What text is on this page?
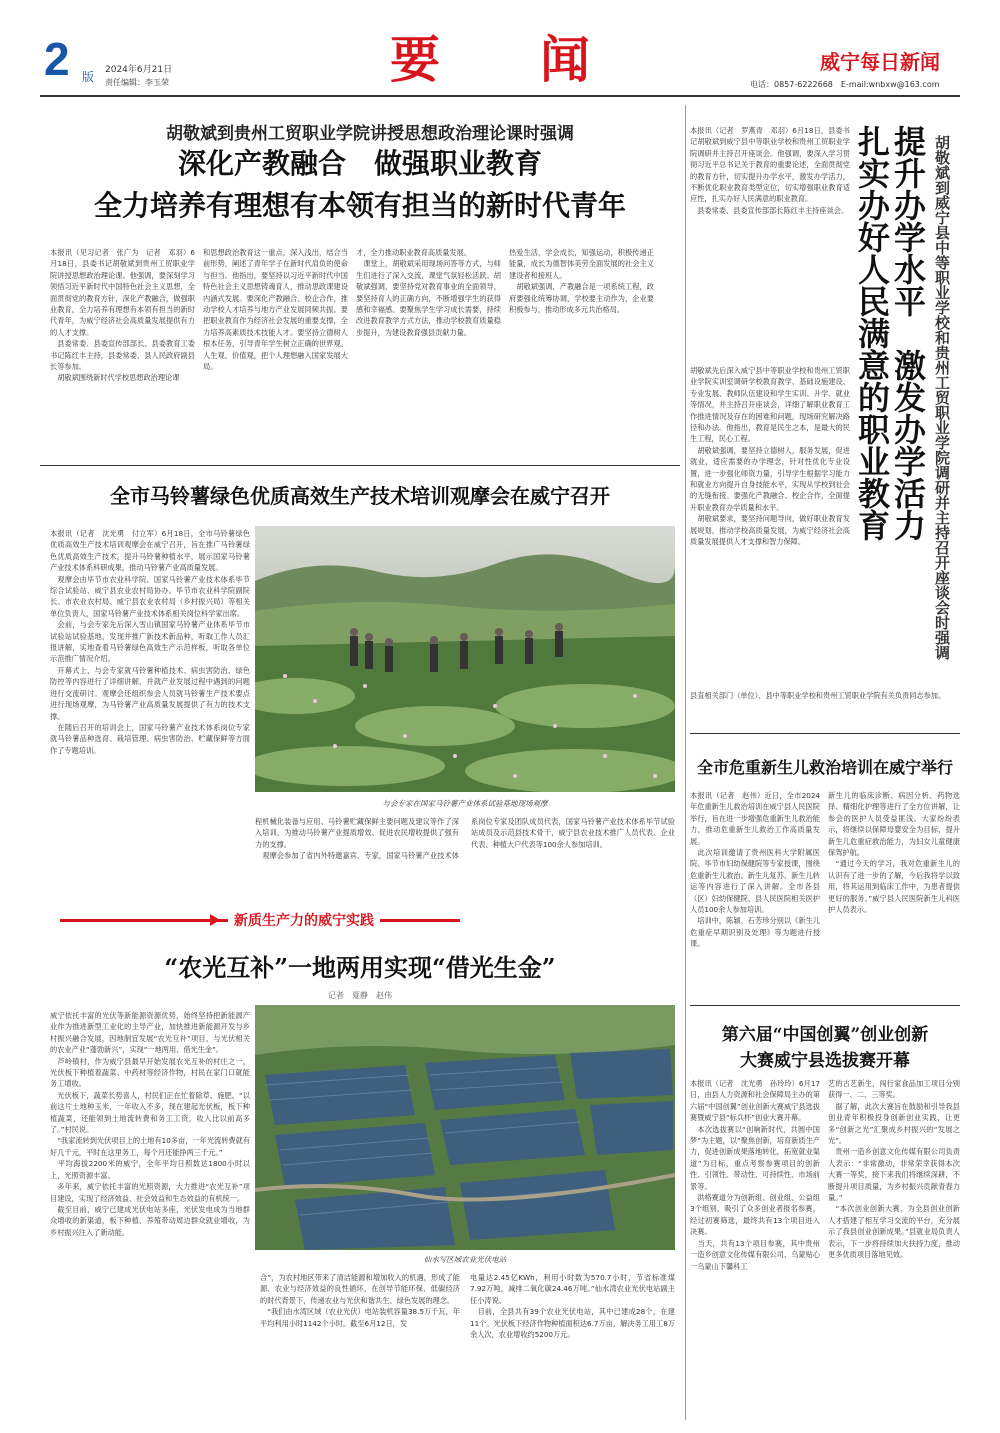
2 版 2024年6月21日
责任编辑：李玉荣	要　　闻	威宁每日新闻
电话：0857-6222668　E-mail:wnbxw@163.com
胡敬斌到贵州工贸职业学院讲授思想政治理论课时强调
深化产教融合　做强职业教育
全力培养有理想有本领有担当的新时代青年
本报讯（见习记者　张广为　记者　邓羽）6月18日，县委书记胡敬斌到贵州工贸职业学院讲授思想政治理论课。他强调，要深刻学习领悟习近平新时代中国特色社会主义思想，全面贯彻党的教育方针，深化产教融合，做强职业教育，全力培养有理想有本领有担当的新时代青年，为威宁经济社会高质量发展提供有力的人才支撑。
　县委常委、县委宣传部部长、县委教育工委书记陈红丰主持，县委常委、县人民政府副县长等参加。
　胡敬斌围绕新时代学校思想政治理论课
和思想政治教育这一重点，深入浅出，结合当前形势，阐述了青年学子在新时代肩负的使命与担当。他指出，要坚持以习近平新时代中国特色社会主义思想铸魂育人，推动思政课建设内涵式发展。要深化产教融合、校企合作，推动学校人才培养与地方产业发展同频共振。要把职业教育作为经济社会发展的重要支撑，全力培养高素质技术技能人才。要坚持立德树人根本任务，引导青年学生树立正确的世界观、人生观、价值观，把个人理想融入国家发展大局。
才，全力推动职业教育高质量发展。
　课堂上，胡敬斌采用现场问答等方式，与师生们进行了深入交流，课堂气氛轻松活跃。胡敬斌强调，要坚持党对教育事业的全面领导，要坚持育人的正确方向，不断增强学生的获得感和幸福感。要聚焦学生学习成长需要，持续改进教育教学方式方法，推动学校教育质量稳步提升，为建设教育强县贡献力量。
热爱生活，学会成长，知强运动，积极传递正能量，成长为德智体美劳全面发展的社会主义建设者和接班人。
　胡敬斌强调，产教融合是一项系统工程，政府要强化统筹协调，学校要主动作为，企业要积极参与，推动形成多元共治格局。
本报讯（记者　罗燕青　邓羽）6月18日，县委书记胡敬斌到威宁县中等职业学校和贵州工贸职业学院调研并主持召开座谈会。他强调，要深入学习贯彻习近平总书记关于教育的重要论述，全面贯彻党的教育方针，切实提升办学水平，激发办学活力，不断优化职业教育类型定位，切实增强职业教育适应性，扎实办好人民满意的职业教育。
　县委常委、县委宣传部部长陈红丰主持座谈会。 提升办学水平　激发办学活力
扎实办好人民满意的职业教育	胡敬斌到威宁县中等职业学校和贵州工贸职业学院调研并主持召开座谈会时强调
胡敬斌先后深入威宁县中等职业学校和贵州工贸职业学院实训室调研学校教育教学、基础设施建设、专业发展、教师队伍建设和学生实训、升学、就业等情况，并主持召开座谈会，详细了解职业教育工作推进情况及存在的困难和问题，现场研究解决路径和办法。他指出，教育是民生之本，是最大的民生工程，民心工程。
　胡敬斌强调，要坚持立德树人，服务发展，促进就业，适应需要的办学理念，针对性优化专业设置，进一步强化师资力量，引导学生根据学习能力和就业方向提升自身技能水平，实现从学校到社会的无缝衔接。要强化产教融合、校企合作，全面提升职业教育办学质量和水平。
　胡敬斌要求，要坚持问题导向，做好职业教育发展规划，推动学校高质量发展，为威宁经济社会高质量发展提供人才支撑和智力保障。
县直相关部门（单位）、县中等职业学校和贵州工贸职业学院有关负责同志参加。
全市马铃薯绿色优质高效生产技术培训观摩会在威宁召开
本报讯（记者　沈光勇　付立军）6月18日，全市马铃薯绿色优质高效生产技术培训观摩会在威宁召开，旨在推广马铃薯绿色优质高效生产技术，提升马铃薯种植水平，展示国家马铃薯产业技术体系科研成果，推动马铃薯产业高质量发展。
　观摩会由毕节市农业科学院、国家马铃薯产业技术体系毕节综合试验站、威宁县农业农村局协办。毕节市农业科学院副院长、市农业农村局、威宁县农业农村局（乡村振兴局）等相关单位负责人，国家马铃薯产业技术体系相关岗位科学家出席。
　会前，与会专家先后深入雪山镇国家马铃薯产业体系毕节市试验站试验基地，发现并推广新技术新品种，听取工作人员汇报讲解，实地查看马铃薯绿色高效生产示范样板，听取各单位示范推广情况介绍。
　开幕式上，与会专家就马铃薯种植技术、病虫害防治、绿色防控等内容进行了详细讲解，并就产业发展过程中遇到的问题进行交流研讨。观摩会还组织参会人员就马铃薯生产技术要点进行现场观摩，为马铃薯产业高质量发展提供了有力的技术支撑。
　在随后召开的培训会上，国家马铃薯产业技术体系岗位专家就马铃薯品种选育、栽培管理、病虫害防治、贮藏保鲜等方面作了专题培训。
与会专家在国家马铃薯产业体系试验基地现场观摩
程机械化装备与应用、马铃薯贮藏保鲜主要问题及建议等作了深入培训，为推动马铃薯产业提质增效、促进农民增收提供了强有力的支撑。
　观摩会参加了省内外特邀嘉宾、专家，国家马铃薯产业技术体系岗位专家及团队成员代表，国家马铃薯产业技术体系毕节试验站成员及示范县技术骨干，威宁县农业技术推广人员代表、企业代表、种植大户代表等100余人参加培训。
全市危重新生儿救治培训在威宁举行
本报讯（记者　赵伟）近日，全市2024年危重新生儿救治培训在威宁县人民医院举行，旨在进一步增强危重新生儿救治能力，推动危重新生儿救治工作高质量发展。
　此次培训邀请了贵州医科大学附属医院、毕节市妇幼保健院等专家授课，围绕危重新生儿救治、新生儿复苏、新生儿转运等内容进行了深入讲解。全市各县（区）妇幼保健院、县人民医院相关医护人员100余人参加培训。
　培训中，陈颖、石芳珍分别以《新生儿危重症早期识别及处理》等为题进行授课。
新生儿的临床诊断、病因分析、药物选择、精细化护理等进行了全方位讲解，让参会的医护人员受益匪浅。大家纷纷表示，将继续以保障母婴安全为目标，提升新生儿危重症救治能力，为妇女儿童健康保驾护航。
　“通过今天的学习，我对危重新生儿的认识有了进一步的了解，今后我将学以致用，将其运用到临床工作中，为患者提供更好的服务。”威宁县人民医院新生儿科医护人员表示。
新质生产力的威宁实践
“农光互补”一地两用实现“借光生金”
记者　夏静　赵伟
威宁依托丰富的光伏等新能源资源优势，始终坚持把新能源产业作为推进新型工业化的主导产业，加快推进新能源开发与乡村振兴融合发展，因地制宜发展“农光互补”项目，与光伏相关的农业产业“蓬勃新兴”，实现“一地两用、借光生金”。
　芦岭镇村，作为威宁县最早开始发展农光互补的村庄之一，光伏板下种植着蔬菜、中药材等经济作物，村民在家门口就能务工增收。
　光伏板下，蔬菜长势喜人，村民们正在忙着除草、施肥。“以前这片土地种玉米，一年收入不多，现在建起光伏板，板下种植蔬菜，还能领到土地流转费和务工工资，收入比以前高多了。”村民说。
　“我家流转到光伏项目上的土地有10多亩，一年光流转费就有好几千元，平时在这里务工，每个月还能挣两三千元。”
　平均海拔2200米的威宁，全年平均日照数达1800小时以上，光照资源丰富。
　多年来，威宁依托丰富的光照资源，大力推进“农光互补”项目建设，实现了经济效益、社会效益和生态效益的有机统一。
　截至目前，威宁已建成光伏电站多座，光伏发电成为当地群众增收的新渠道，板下种植、养殖带动周边群众就业增收，为乡村振兴注入了新动能。
仙水写区域农业光伏电站
合”，为农村地区带来了清洁能源和增加收入的机遇，形成了能源、农业与经济效益的良性循环，在创导节能环保、低碳经济的时代背景下，传递农业与光伏和谐共生、绿色发展的理念。
　“我们由水湾区域（农业光伏）电站装机容量38.5万千瓦，年平均利用小时1142个小时。截至6月12日，发
电量达2.45亿KWh，利用小时数为570.7小时，节省标准煤7.92万吨，减排二氧化碳24.46万吨。”仙水湾农业光伏电站副主任小涛说。
　目前，全县共有39个农业光伏电站，其中已建成28个，在建11个。光伏板下经济作物种植面积达6.7万亩，解决务工用工8万余人次，农业增收约5200万元。
第六届“中国创翼”创业创新
大赛威宁县选拔赛开幕
本报讯（记者　沈光勇　孙玲玲）6月17日，由县人力资源和社会保障局主办的第六届“中国创翼”创业创新大赛威宁县选拔赛暨威宁县“标兵杯”创业大赛开幕。
　本次选拔赛以“创响新时代，共圆中国梦”为主题，以“聚焦创新，培育新质生产力，促进创新成果落地转化，拓宽就业渠道”为目标，重点考察参赛项目的创新性、引领性、带动性、可持续性、市场前景等。
　洪格赛道分为创新组、创业组、公益组3个组别，吸引了众多创业者报名参赛，经过初赛筛选，最终共有13个项目进入决赛。
　当天，共有13个项目参赛，其中贵州一造乡创意文化传媒有限公司、乌蒙贴心一乌蒙山下馨科工
艺的古艺新生、闯行家食品加工项目分别获得一、二、三等奖。
　据了解，此次大赛旨在鼓励和引导我县创业青年积极投身创新创业实践，让更多“创新之光”汇聚成乡村振兴的“发展之光”。
　贵州一造乡创意文化传媒有限公司负责人表示：“非常激动，非常荣幸获得本次大赛一等奖，接下来我们将继续深耕，不断提升项目质量，为乡村振兴贡献青春力量。”
　“本次创业创新大赛，为全县创业创新人才搭建了相互学习交流的平台，充分展示了我县创业创新成果。”县就业局负责人表示，下一步将持续加大扶持力度，推动更多优质项目落地见效。
